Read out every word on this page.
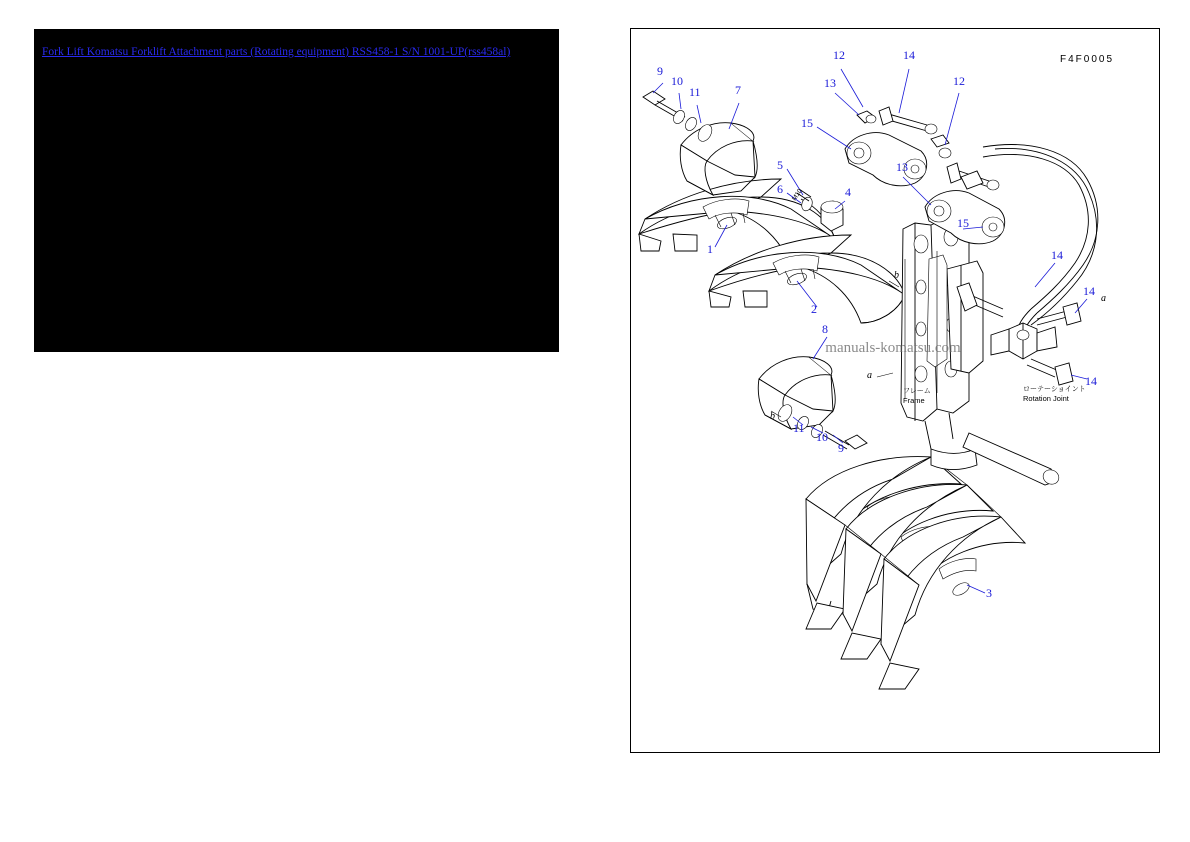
Fork Lift Komatsu Forklift Attachment parts (Rotating equipment) RSS458-1 S/N 1001-UP(rss458al)
9
10
11	7
12
13
14
12
15
13
5
6	4
1
15
2
14
14
14
8
11
10
9
3
a
b
b
a
M10
フレーム
Frame
ローテーショイント
Rotation Joint
F4F0005
manuals-komatsu.com
